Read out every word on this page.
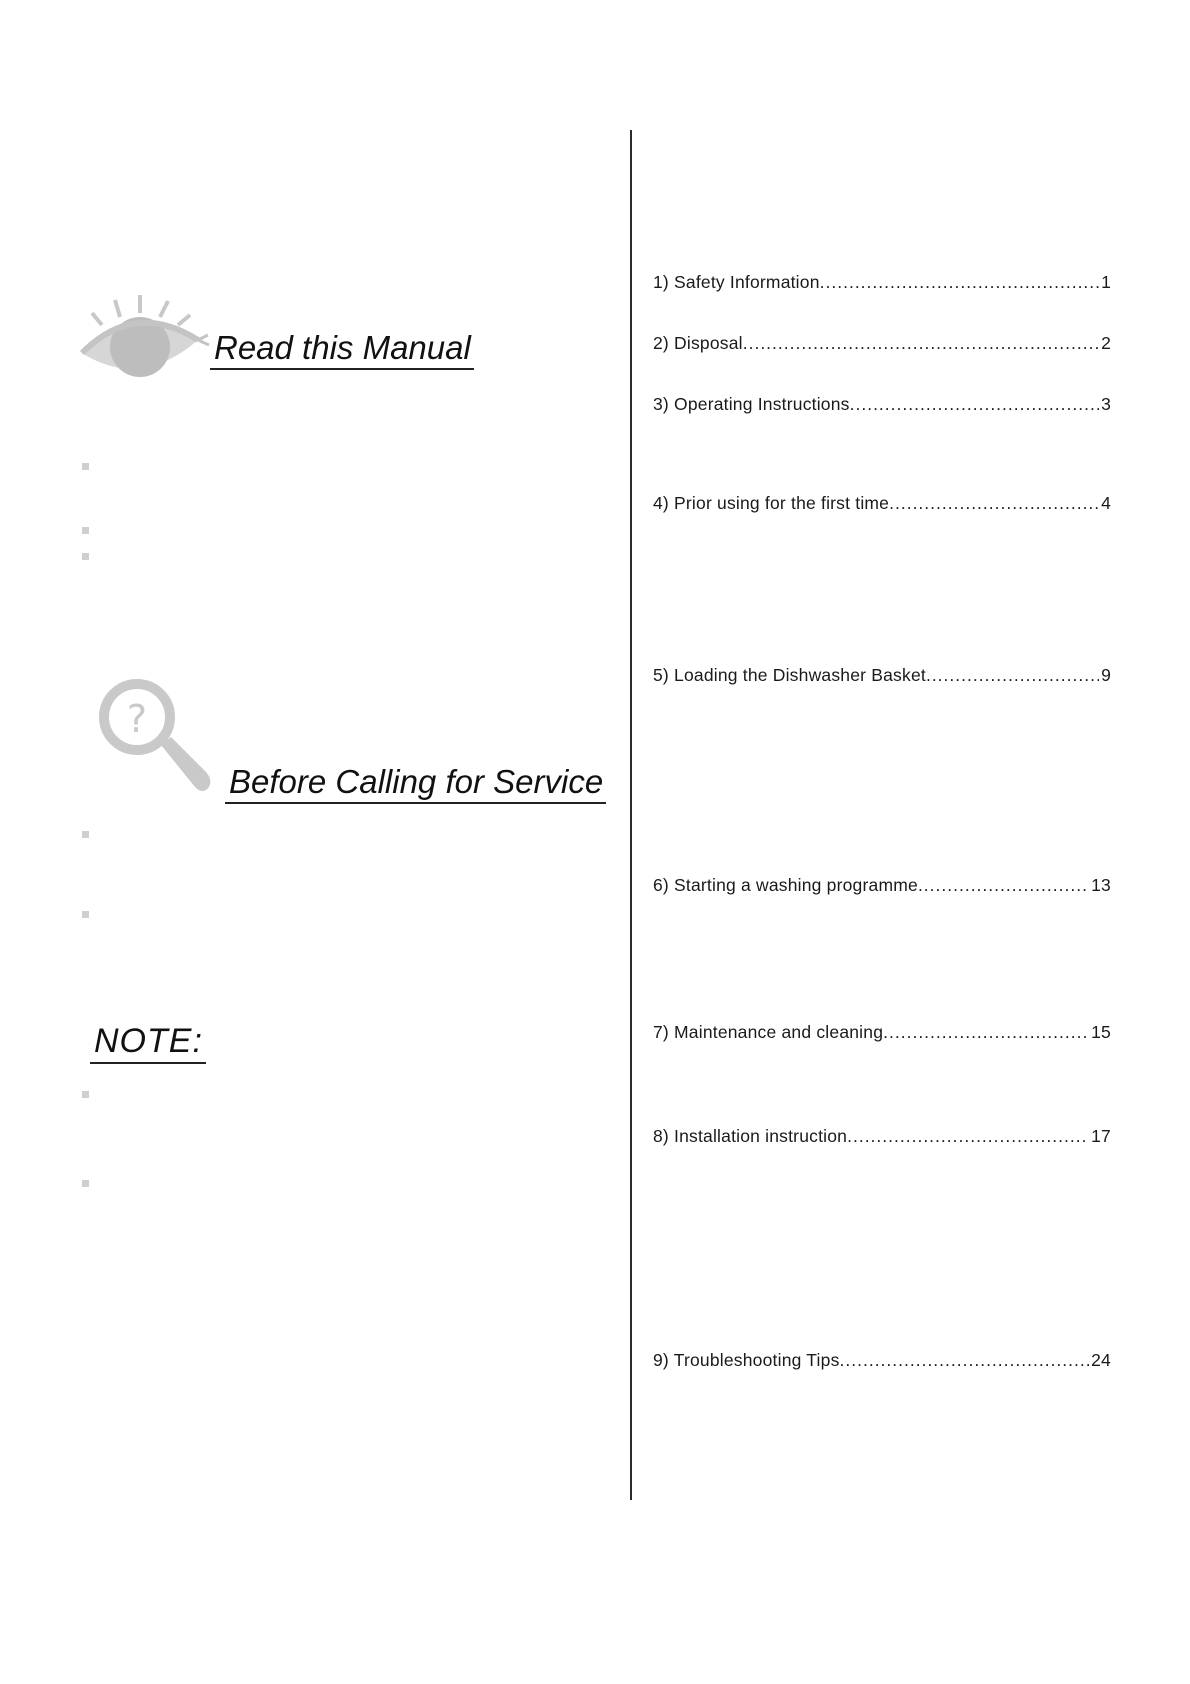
Read this Manual
?
Before Calling for Service
NOTE:
1) Safety Information .....	1
2) Disposal .....	2
3) Operating Instructions .....	3
4) Prior using for the first time .....	4
5) Loading the Dishwasher Basket .....	9
6) Starting a washing programme .....	13
7) Maintenance and cleaning .....	15
8) Installation instruction .....	17
9) Troubleshooting Tips .....	24
